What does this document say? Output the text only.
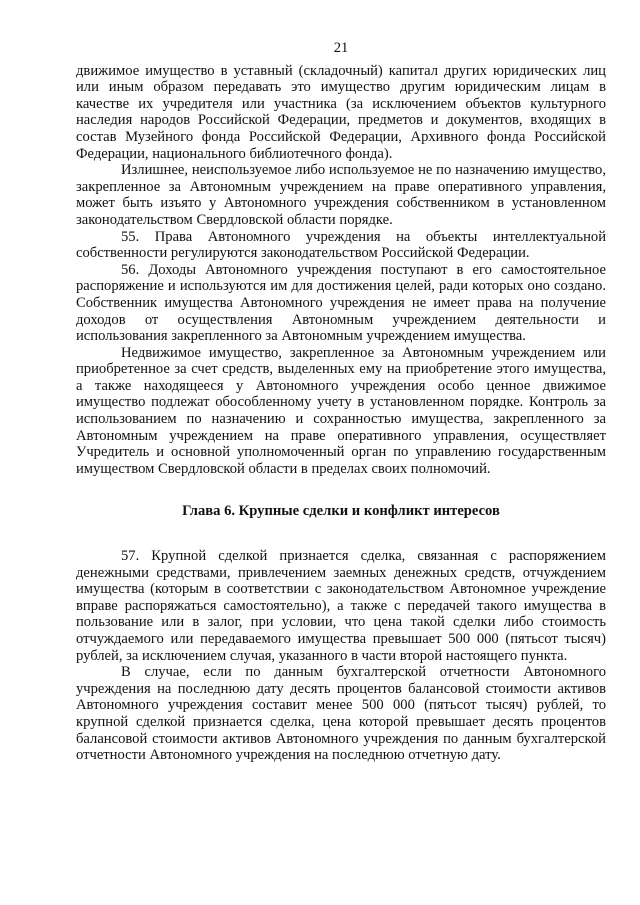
21

движимое имущество в уставный (складочный) капитал других юридических лиц или иным образом передавать это имущество другим юридическим лицам в качестве их учредителя или участника (за исключением объектов культурного наследия народов Российской Федерации, предметов и документов, входящих в состав Музейного фонда Российской Федерации, Архивного фонда Российской Федерации, национального библиотечного фонда).

Излишнее, неиспользуемое либо используемое не по назначению имущество, закрепленное за Автономным учреждением на праве оперативного управления, может быть изъято у Автономного учреждения собственником в установленном законодательством Свердловской области порядке.

55. Права Автономного учреждения на объекты интеллектуальной собственности регулируются законодательством Российской Федерации.

56. Доходы Автономного учреждения поступают в его самостоятельное распоряжение и используются им для достижения целей, ради которых оно создано. Собственник имущества Автономного учреждения не имеет права на получение доходов от осуществления Автономным учреждением деятельности и использования закрепленного за Автономным учреждением имущества.

Недвижимое имущество, закрепленное за Автономным учреждением или приобретенное за счет средств, выделенных ему на приобретение этого имущества, а также находящееся у Автономного учреждения особо ценное движимое имущество подлежат обособленному учету в установленном порядке. Контроль за использованием по назначению и сохранностью имущества, закрепленного за Автономным учреждением на праве оперативного управления, осуществляет Учредитель и основной уполномоченный орган по управлению государственным имуществом Свердловской области в пределах своих полномочий.

Глава 6. Крупные сделки и конфликт интересов

57. Крупной сделкой признается сделка, связанная с распоряжением денежными средствами, привлечением заемных денежных средств, отчуждением имущества (которым в соответствии с законодательством Автономное учреждение вправе распоряжаться самостоятельно), а также с передачей такого имущества в пользование или в залог, при условии, что цена такой сделки либо стоимость отчуждаемого или передаваемого имущества превышает 500 000 (пятьсот тысяч) рублей, за исключением случая, указанного в части второй настоящего пункта.

В случае, если по данным бухгалтерской отчетности Автономного учреждения на последнюю дату десять процентов балансовой стоимости активов Автономного учреждения составит менее 500 000 (пятьсот тысяч) рублей, то крупной сделкой признается сделка, цена которой превышает десять процентов балансовой стоимости активов Автономного учреждения по данным бухгалтерской отчетности Автономного учреждения на последнюю отчетную дату.
